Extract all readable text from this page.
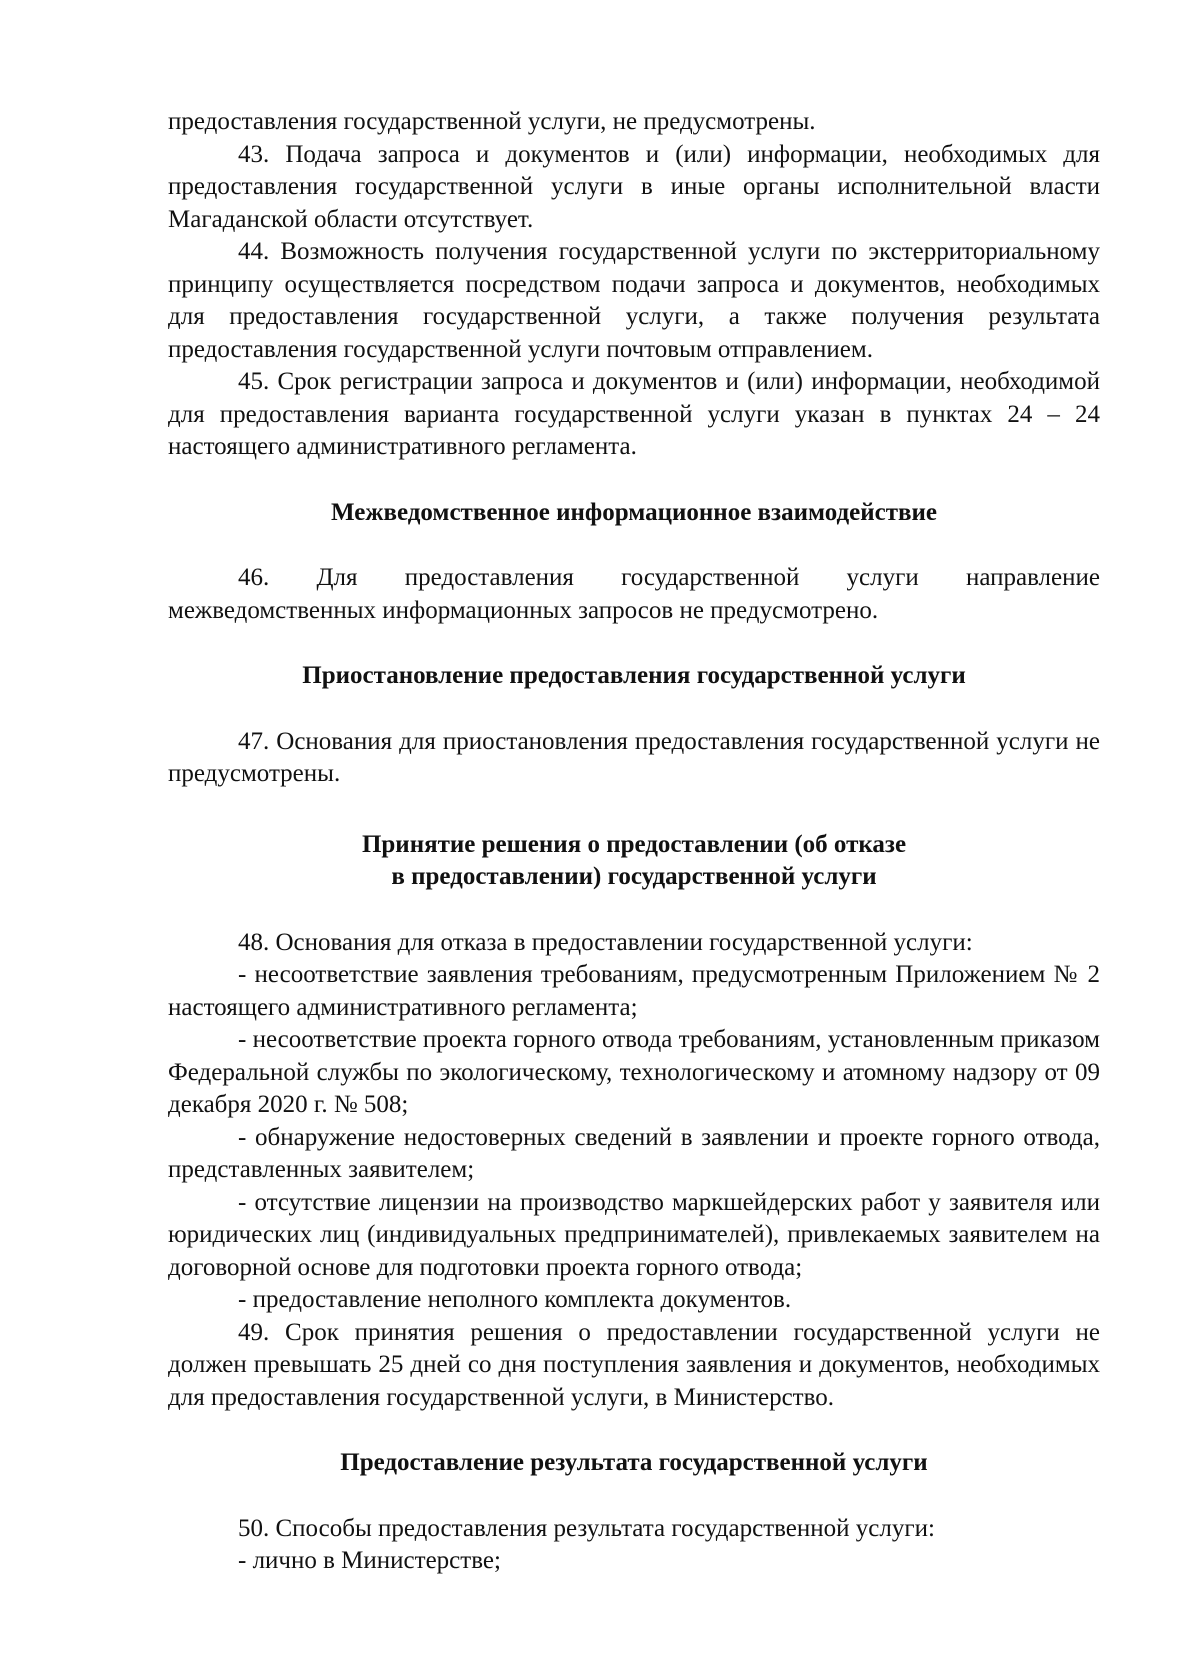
предоставления государственной услуги, не предусмотрены.

43. Подача запроса и документов и (или) информации, необходимых для предоставления государственной услуги в иные органы исполнительной власти Магаданской области отсутствует.

44. Возможность получения государственной услуги по экстерриториальному принципу осуществляется посредством подачи запроса и документов, необходимых для предоставления государственной услуги, а также получения результата предоставления государственной услуги почтовым отправлением.

45. Срок регистрации запроса и документов и (или) информации, необходимой для предоставления варианта государственной услуги указан в пунктах 24 – 24 настоящего административного регламента.

Межведомственное информационное взаимодействие

46. Для предоставления государственной услуги направление межведомственных информационных запросов не предусмотрено.

Приостановление предоставления государственной услуги

47. Основания для приостановления предоставления государственной услуги не предусмотрены.

Принятие решения о предоставлении (об отказе

в предоставлении) государственной услуги

48. Основания для отказа в предоставлении государственной услуги:

- несоответствие заявления требованиям, предусмотренным Приложением № 2 настоящего административного регламента;

- несоответствие проекта горного отвода требованиям, установленным приказом Федеральной службы по экологическому, технологическому и атомному надзору от 09 декабря 2020 г. № 508;

- обнаружение недостоверных сведений в заявлении и проекте горного отвода, представленных заявителем;

- отсутствие лицензии на производство маркшейдерских работ у заявителя или юридических лиц (индивидуальных предпринимателей), привлекаемых заявителем на договорной основе для подготовки проекта горного отвода;

- предоставление неполного комплекта документов.

49. Срок принятия решения о предоставлении государственной услуги не должен превышать 25 дней со дня поступления заявления и документов, необходимых для предоставления государственной услуги, в Министерство.

Предоставление результата государственной услуги

50. Способы предоставления результата государственной услуги:

- лично в Министерстве;
